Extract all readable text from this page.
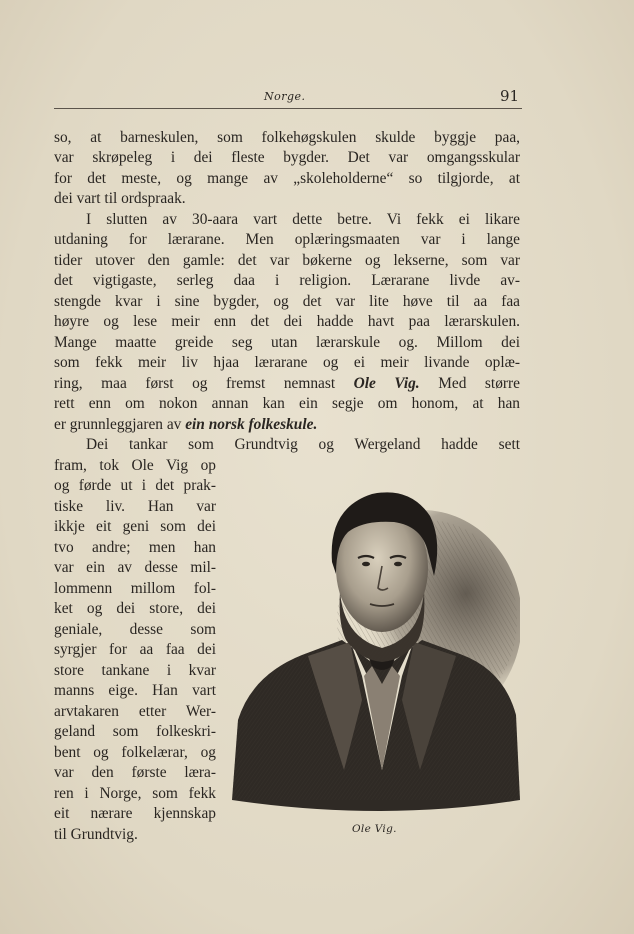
Norge.	91
so, at barneskulen, som folkehøgskulen skulde byggje paa,
var skrøpeleg i dei fleste bygder. Det var omgangsskular
for det meste, og mange av „skoleholderne“ so tilgjorde, at
dei vart til ordspraak.
I slutten av 30-aara vart dette betre. Vi fekk ei likare
utdaning for lærarane. Men oplæringsmaaten var i lange
tider utover den gamle: det var bøkerne og lekserne, som var
det vigtigaste, serleg daa i religion. Lærarane livde av-
stengde kvar i sine bygder, og det var lite høve til aa faa
høyre og lese meir enn det dei hadde havt paa lærarskulen.
Mange maatte greide seg utan lærarskule og. Millom dei
som fekk meir liv hjaa lærarane og ei meir livande oplæ-
ring, maa først og fremst nemnast Ole Vig. Med større
rett enn om nokon annan kan ein segje om honom, at han
er grunnleggjaren av ein norsk folkeskule.
Dei tankar som Grundtvig og Wergeland hadde sett
fram, tok Ole Vig op
og førde ut i det prak-
tiske liv. Han var
ikkje eit geni som dei
tvo andre; men han
var ein av desse mil-
lommenn millom fol-
ket og dei store, dei
geniale, desse som
syrgjer for aa faa dei
store tankane i kvar
manns eige. Han vart
arvtakaren etter Wer-
geland som folkeskri-
bent og folkelærar, og
var den første læra-
ren i Norge, som fekk
eit nærare kjennskap
til Grundtvig.	Ole Vig.
